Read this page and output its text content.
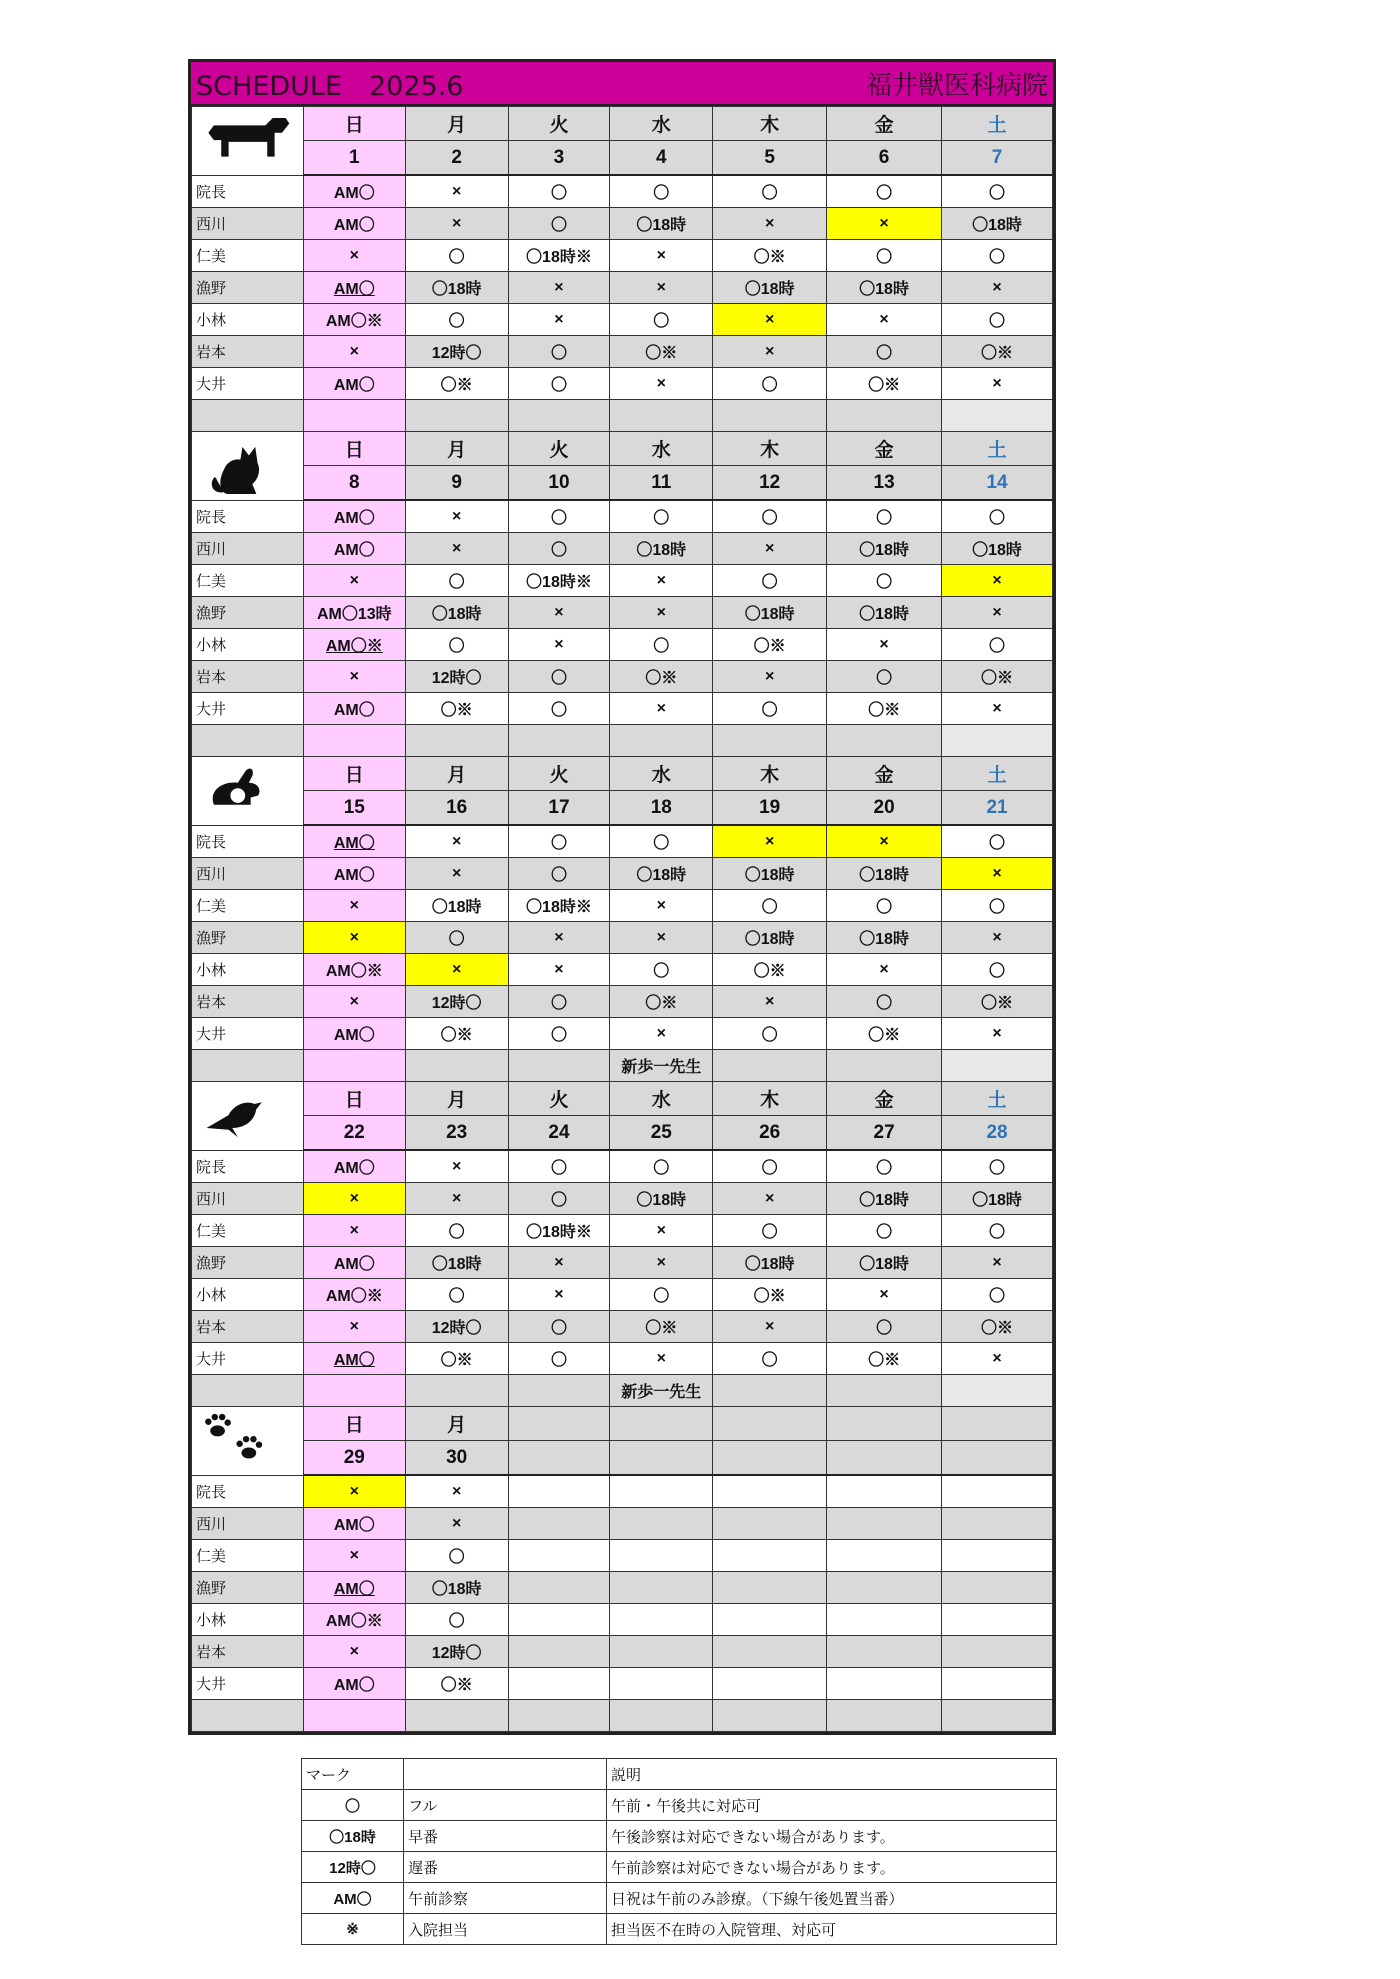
SCHEDULE　2025.6	福井獣医科病院
	日	月	火	水	木	金	土
	1	2	3	4	5	6	7
院長	AM〇	×	〇	〇	〇	〇	〇
西川	AM〇	×	〇	〇18時	×	×	〇18時
仁美	×	〇	〇18時※	×	〇※	〇	〇
漁野	AM〇	〇18時	×	×	〇18時	〇18時	×
小林	AM〇※	〇	×	〇	×	×	〇
岩本	×	12時〇	〇	〇※	×	〇	〇※
大井	AM〇	〇※	〇	×	〇	〇※	×

	日	月	火	水	木	金	土
	8	9	10	11	12	13	14
院長	AM〇	×	〇	〇	〇	〇	〇
西川	AM〇	×	〇	〇18時	×	〇18時	〇18時
仁美	×	〇	〇18時※	×	〇	〇	×
漁野	AM〇13時	〇18時	×	×	〇18時	〇18時	×
小林	AM〇※	〇	×	〇	〇※	×	〇
岩本	×	12時〇	〇	〇※	×	〇	〇※
大井	AM〇	〇※	〇	×	〇	〇※	×

	日	月	火	水	木	金	土
	15	16	17	18	19	20	21
院長	AM〇	×	〇	〇	×	×	〇
西川	AM〇	×	〇	〇18時	〇18時	〇18時	×
仁美	×	〇18時	〇18時※	×	〇	〇	〇
漁野	×	〇	×	×	〇18時	〇18時	×
小林	AM〇※	×	×	〇	〇※	×	〇
岩本	×	12時〇	〇	〇※	×	〇	〇※
大井	AM〇	〇※	〇	×	〇	〇※	×
				新歩一先生			

	日	月	火	水	木	金	土
	22	23	24	25	26	27	28
院長	AM〇	×	〇	〇	〇	〇	〇
西川	×	×	〇	〇18時	×	〇18時	〇18時
仁美	×	〇	〇18時※	×	〇	〇	〇
漁野	AM〇	〇18時	×	×	〇18時	〇18時	×
小林	AM〇※	〇	×	〇	〇※	×	〇
岩本	×	12時〇	〇	〇※	×	〇	〇※
大井	AM〇	〇※	〇	×	〇	〇※	×
				新歩一先生			

	日	月					
	29	30					
院長	×	×					
西川	AM〇	×					
仁美	×	〇					
漁野	AM〇	〇18時					
小林	AM〇※	〇					
岩本	×	12時〇					
大井	AM〇	〇※					

マーク		説明
〇	フル	午前・午後共に対応可
〇18時	早番	午後診察は対応できない場合があります。
12時〇	遅番	午前診察は対応できない場合があります。
AM〇	午前診察	日祝は午前のみ診療。（下線午後処置当番）
※	入院担当	担当医不在時の入院管理、対応可
